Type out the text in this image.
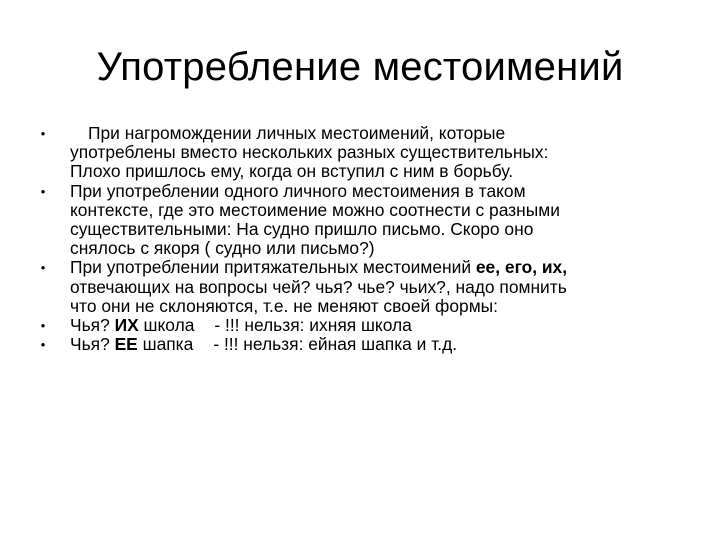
Употребление местоимений
•	При нагромождении личных местоимений, которые
употреблены вместо нескольких разных существительных:
Плохо пришлось ему, когда он вступил с ним в борьбу.
• При употреблении одного личного местоимения в таком
контексте, где это местоимение можно соотнести с разными
существительными: На судно пришло письмо. Скоро оно
снялось с якоря ( судно или письмо?)
• При употреблении притяжательных местоимений ее, его, их,
отвечающих на вопросы чей? чья? чье? чьих?, надо помнить
что они не склоняются, т.е. не меняют своей формы:
• Чья? ИХ школа - !!! нельзя: ихняя школа
• Чья? ЕЕ шапка - !!! нельзя: ейная шапка и т.д.
